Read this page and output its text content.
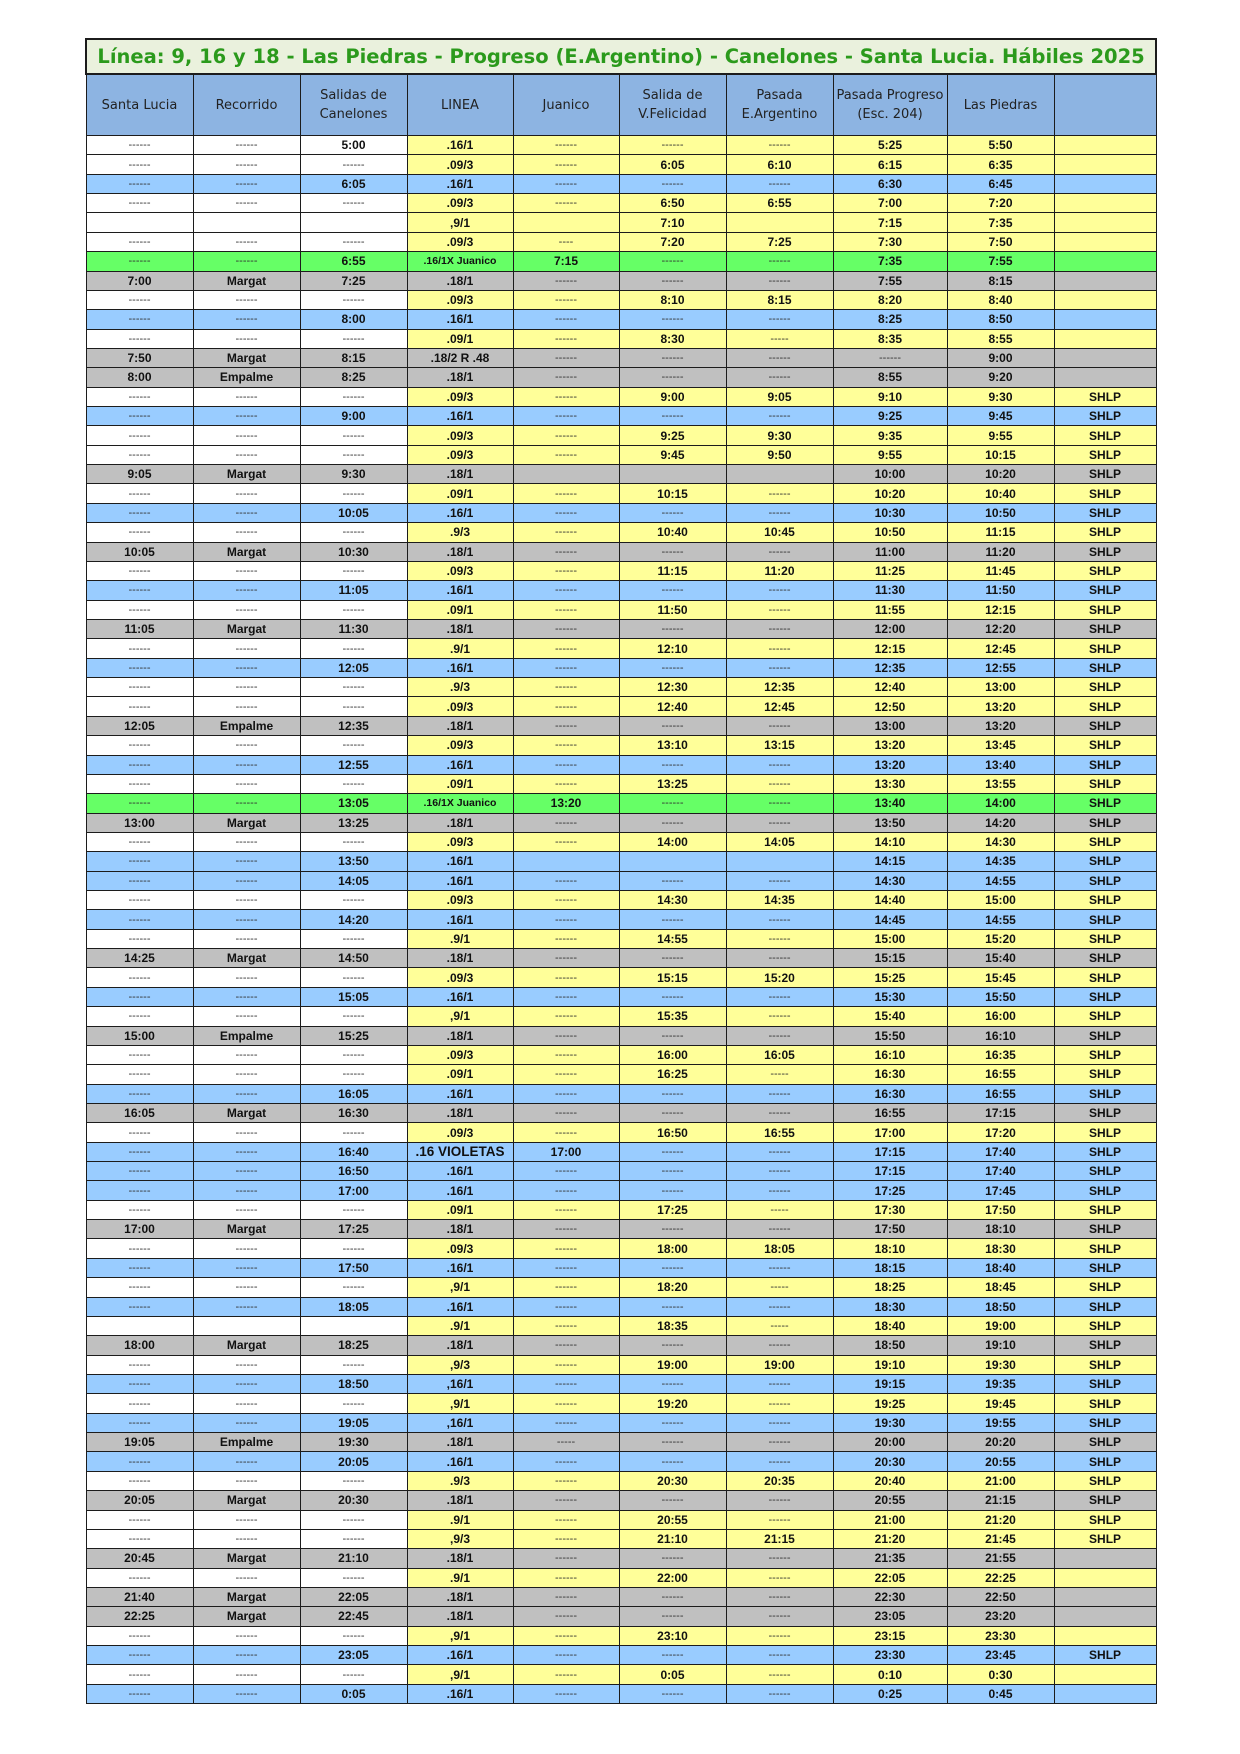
Línea: 9, 16 y 18 - Las Piedras - Progreso (E.Argentino) - Canelones - Santa Lucia. Hábiles 2025									
Santa Lucia	Recorrido	Salidas de Canelones	LINEA	Juanico	Salida de V.Felicidad	Pasada E.Argentino	Pasada Progreso (Esc. 204)	Las Piedras	
------	------	5:00	.16/1	------	------	------	5:25	5:50	
------	------	------	.09/3	------	6:05	6:10	6:15	6:35	
------	------	6:05	.16/1	------	------	------	6:30	6:45	
------	------	------	.09/3	------	6:50	6:55	7:00	7:20	
			,9/1		7:10		7:15	7:35	
------	------	------	.09/3	----	7:20	7:25	7:30	7:50	
------	------	6:55	.16/1X Juanico	7:15	------	------	7:35	7:55	
7:00	Margat	7:25	.18/1	------	------	------	7:55	8:15	
------	------	------	.09/3	------	8:10	8:15	8:20	8:40	
------	------	8:00	.16/1	------	------	------	8:25	8:50	
------	------	------	.09/1	------	8:30	-----	8:35	8:55	
7:50	Margat	8:15	.18/2 R .48	------	------	------	------	9:00	
8:00	Empalme	8:25	.18/1	------	------	------	8:55	9:20	
------	------	------	.09/3	------	9:00	9:05	9:10	9:30	SHLP
------	------	9:00	.16/1	------	------	------	9:25	9:45	SHLP
------	------	------	.09/3	------	9:25	9:30	9:35	9:55	SHLP
------	------	------	.09/3	------	9:45	9:50	9:55	10:15	SHLP
9:05	Margat	9:30	.18/1				10:00	10:20	SHLP
------	------	------	.09/1	------	10:15	------	10:20	10:40	SHLP
------	------	10:05	.16/1	------	------	------	10:30	10:50	SHLP
------	------	------	.9/3	------	10:40	10:45	10:50	11:15	SHLP
10:05	Margat	10:30	.18/1	------	------	------	11:00	11:20	SHLP
------	------	------	.09/3	------	11:15	11:20	11:25	11:45	SHLP
------	------	11:05	.16/1	------	------	------	11:30	11:50	SHLP
------	------	------	.09/1	------	11:50	------	11:55	12:15	SHLP
11:05	Margat	11:30	.18/1	------	------	------	12:00	12:20	SHLP
------	------	------	.9/1	------	12:10	------	12:15	12:45	SHLP
------	------	12:05	.16/1	------	------	------	12:35	12:55	SHLP
------	------	------	.9/3	------	12:30	12:35	12:40	13:00	SHLP
------	------	------	.09/3	------	12:40	12:45	12:50	13:20	SHLP
12:05	Empalme	12:35	.18/1	------	------	------	13:00	13:20	SHLP
------	------	------	.09/3	------	13:10	13:15	13:20	13:45	SHLP
------	------	12:55	.16/1	------	------	------	13:20	13:40	SHLP
------	------	------	.09/1	------	13:25	------	13:30	13:55	SHLP
------	------	13:05	.16/1X Juanico	13:20	------	------	13:40	14:00	SHLP
13:00	Margat	13:25	.18/1	------	------	------	13:50	14:20	SHLP
------	------	------	.09/3	------	14:00	14:05	14:10	14:30	SHLP
------	------	13:50	.16/1				14:15	14:35	SHLP
------	------	14:05	.16/1	------	------	------	14:30	14:55	SHLP
------	------	------	.09/3	------	14:30	14:35	14:40	15:00	SHLP
------	------	14:20	.16/1	------	------	------	14:45	14:55	SHLP
------	------	------	.9/1	------	14:55	------	15:00	15:20	SHLP
14:25	Margat	14:50	.18/1	------	------	------	15:15	15:40	SHLP
------	------	------	.09/3	------	15:15	15:20	15:25	15:45	SHLP
------	------	15:05	.16/1	------	------	------	15:30	15:50	SHLP
------	------	------	,9/1	------	15:35	------	15:40	16:00	SHLP
15:00	Empalme	15:25	.18/1	------	------	------	15:50	16:10	SHLP
------	------	------	.09/3	------	16:00	16:05	16:10	16:35	SHLP
------	------	------	.09/1	------	16:25	-----	16:30	16:55	SHLP
------	------	16:05	.16/1	------	------	------	16:30	16:55	SHLP
16:05	Margat	16:30	.18/1	------	------	------	16:55	17:15	SHLP
------	------	------	.09/3	------	16:50	16:55	17:00	17:20	SHLP
------	------	16:40	.16 VIOLETAS	17:00	------	------	17:15	17:40	SHLP
------	------	16:50	.16/1	------	------	------	17:15	17:40	SHLP
------	------	17:00	.16/1	------	------	------	17:25	17:45	SHLP
------	------	------	.09/1	------	17:25	-----	17:30	17:50	SHLP
17:00	Margat	17:25	.18/1	------	------	------	17:50	18:10	SHLP
------	------	------	.09/3	------	18:00	18:05	18:10	18:30	SHLP
------	------	17:50	.16/1	------	------	------	18:15	18:40	SHLP
------	------	------	,9/1	------	18:20	-----	18:25	18:45	SHLP
------	------	18:05	.16/1	------	------	------	18:30	18:50	SHLP
			.9/1	------	18:35	-----	18:40	19:00	SHLP
18:00	Margat	18:25	.18/1	------	------	------	18:50	19:10	SHLP
------	------	------	,9/3	------	19:00	19:00	19:10	19:30	SHLP
------	------	18:50	,16/1	------	------	------	19:15	19:35	SHLP
------	------	------	,9/1	------	19:20	------	19:25	19:45	SHLP
------	------	19:05	,16/1	------	------	------	19:30	19:55	SHLP
19:05	Empalme	19:30	.18/1	-----	------	------	20:00	20:20	SHLP
------	------	20:05	.16/1	------	------	------	20:30	20:55	SHLP
------	------	------	.9/3	------	20:30	20:35	20:40	21:00	SHLP
20:05	Margat	20:30	.18/1	------	------	------	20:55	21:15	SHLP
------	------	------	.9/1	------	20:55	------	21:00	21:20	SHLP
------	------	------	,9/3	------	21:10	21:15	21:20	21:45	SHLP
20:45	Margat	21:10	.18/1	------	------	------	21:35	21:55	
------	------	------	.9/1	------	22:00	------	22:05	22:25	
21:40	Margat	22:05	.18/1	------	------	------	22:30	22:50	
22:25	Margat	22:45	.18/1	------	------	------	23:05	23:20	
------	------	------	,9/1	------	23:10	------	23:15	23:30	
------	------	23:05	.16/1	------	------	------	23:30	23:45	SHLP
------	------	------	,9/1	------	0:05	------	0:10	0:30	
------	------	0:05	.16/1	------	------	------	0:25	0:45	
